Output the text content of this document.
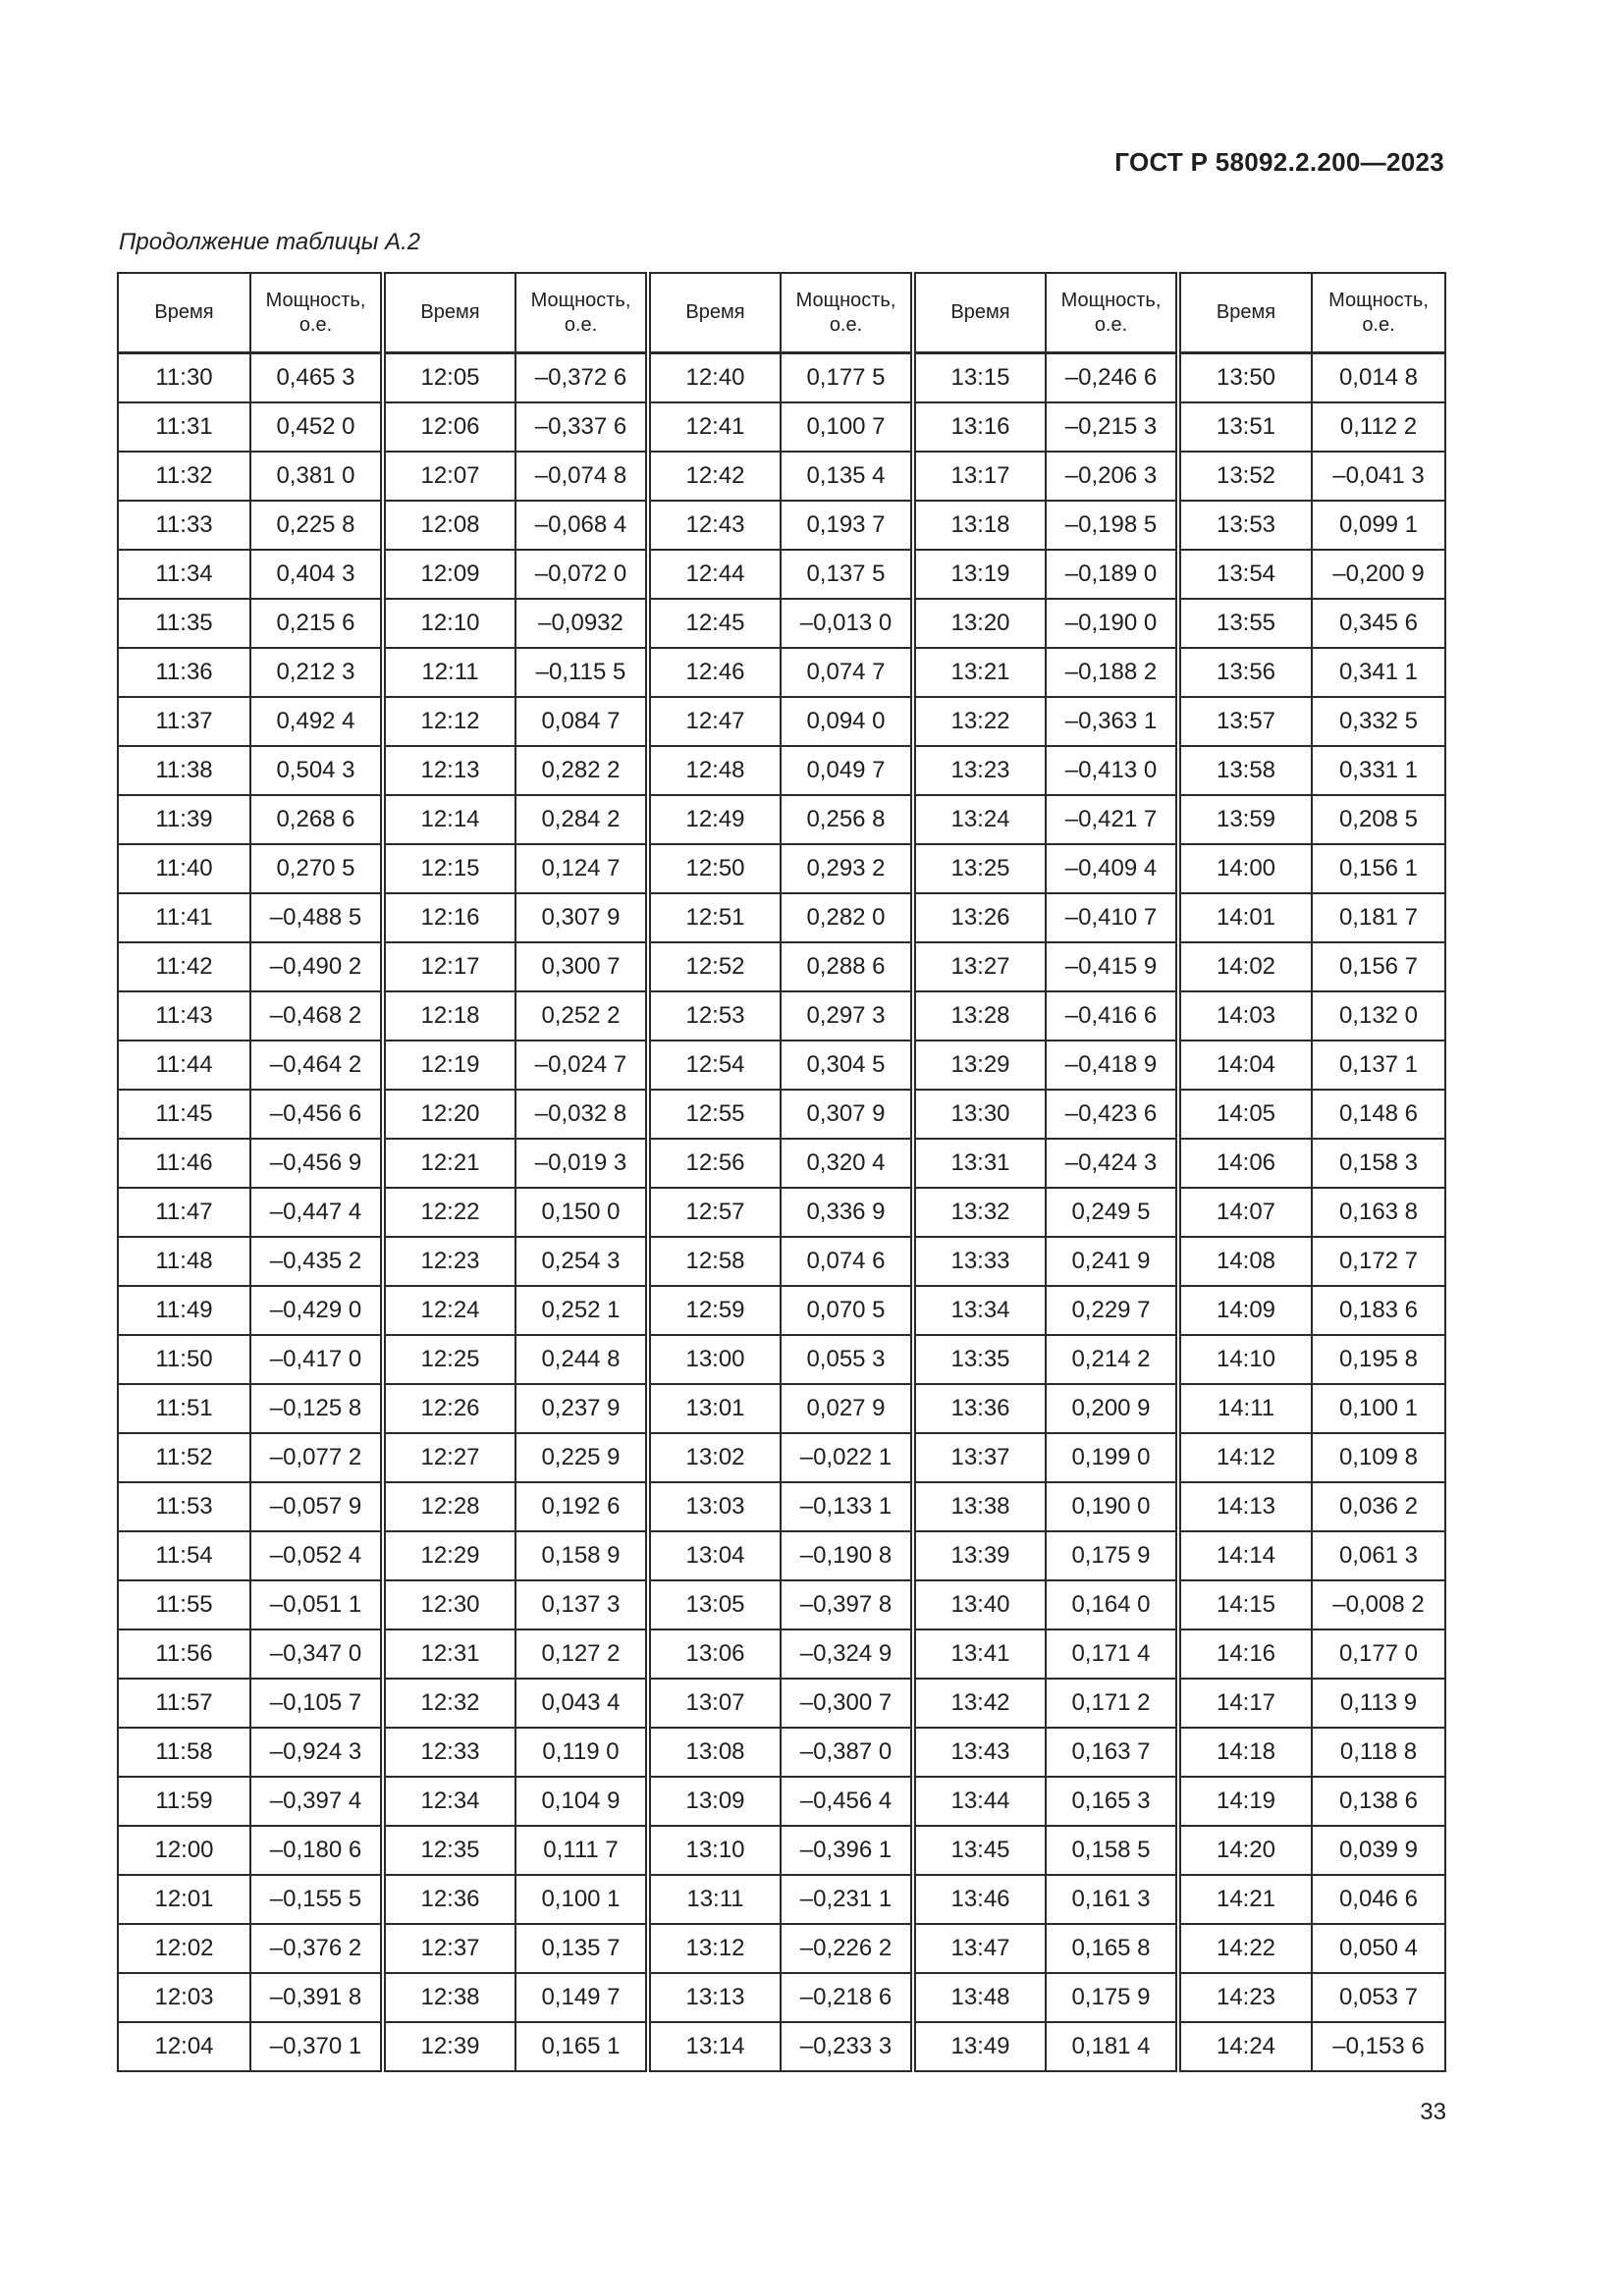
ГОСТ Р 58092.2.200—2023
Продолжение таблицы А.2
Время	Мощность, о.е.	Время	Мощность, о.е.	Время	Мощность, о.е.	Время	Мощность, о.е.	Время	Мощность, о.е.
11:30	0,465 3	12:05	–0,372 6	12:40	0,177 5	13:15	–0,246 6	13:50	0,014 8
11:31	0,452 0	12:06	–0,337 6	12:41	0,100 7	13:16	–0,215 3	13:51	0,112 2
11:32	0,381 0	12:07	–0,074 8	12:42	0,135 4	13:17	–0,206 3	13:52	–0,041 3
11:33	0,225 8	12:08	–0,068 4	12:43	0,193 7	13:18	–0,198 5	13:53	0,099 1
11:34	0,404 3	12:09	–0,072 0	12:44	0,137 5	13:19	–0,189 0	13:54	–0,200 9
11:35	0,215 6	12:10	–0,0932	12:45	–0,013 0	13:20	–0,190 0	13:55	0,345 6
11:36	0,212 3	12:11	–0,115 5	12:46	0,074 7	13:21	–0,188 2	13:56	0,341 1
11:37	0,492 4	12:12	0,084 7	12:47	0,094 0	13:22	–0,363 1	13:57	0,332 5
11:38	0,504 3	12:13	0,282 2	12:48	0,049 7	13:23	–0,413 0	13:58	0,331 1
11:39	0,268 6	12:14	0,284 2	12:49	0,256 8	13:24	–0,421 7	13:59	0,208 5
11:40	0,270 5	12:15	0,124 7	12:50	0,293 2	13:25	–0,409 4	14:00	0,156 1
11:41	–0,488 5	12:16	0,307 9	12:51	0,282 0	13:26	–0,410 7	14:01	0,181 7
11:42	–0,490 2	12:17	0,300 7	12:52	0,288 6	13:27	–0,415 9	14:02	0,156 7
11:43	–0,468 2	12:18	0,252 2	12:53	0,297 3	13:28	–0,416 6	14:03	0,132 0
11:44	–0,464 2	12:19	–0,024 7	12:54	0,304 5	13:29	–0,418 9	14:04	0,137 1
11:45	–0,456 6	12:20	–0,032 8	12:55	0,307 9	13:30	–0,423 6	14:05	0,148 6
11:46	–0,456 9	12:21	–0,019 3	12:56	0,320 4	13:31	–0,424 3	14:06	0,158 3
11:47	–0,447 4	12:22	0,150 0	12:57	0,336 9	13:32	0,249 5	14:07	0,163 8
11:48	–0,435 2	12:23	0,254 3	12:58	0,074 6	13:33	0,241 9	14:08	0,172 7
11:49	–0,429 0	12:24	0,252 1	12:59	0,070 5	13:34	0,229 7	14:09	0,183 6
11:50	–0,417 0	12:25	0,244 8	13:00	0,055 3	13:35	0,214 2	14:10	0,195 8
11:51	–0,125 8	12:26	0,237 9	13:01	0,027 9	13:36	0,200 9	14:11	0,100 1
11:52	–0,077 2	12:27	0,225 9	13:02	–0,022 1	13:37	0,199 0	14:12	0,109 8
11:53	–0,057 9	12:28	0,192 6	13:03	–0,133 1	13:38	0,190 0	14:13	0,036 2
11:54	–0,052 4	12:29	0,158 9	13:04	–0,190 8	13:39	0,175 9	14:14	0,061 3
11:55	–0,051 1	12:30	0,137 3	13:05	–0,397 8	13:40	0,164 0	14:15	–0,008 2
11:56	–0,347 0	12:31	0,127 2	13:06	–0,324 9	13:41	0,171 4	14:16	0,177 0
11:57	–0,105 7	12:32	0,043 4	13:07	–0,300 7	13:42	0,171 2	14:17	0,113 9
11:58	–0,924 3	12:33	0,119 0	13:08	–0,387 0	13:43	0,163 7	14:18	0,118 8
11:59	–0,397 4	12:34	0,104 9	13:09	–0,456 4	13:44	0,165 3	14:19	0,138 6
12:00	–0,180 6	12:35	0,111 7	13:10	–0,396 1	13:45	0,158 5	14:20	0,039 9
12:01	–0,155 5	12:36	0,100 1	13:11	–0,231 1	13:46	0,161 3	14:21	0,046 6
12:02	–0,376 2	12:37	0,135 7	13:12	–0,226 2	13:47	0,165 8	14:22	0,050 4
12:03	–0,391 8	12:38	0,149 7	13:13	–0,218 6	13:48	0,175 9	14:23	0,053 7
12:04	–0,370 1	12:39	0,165 1	13:14	–0,233 3	13:49	0,181 4	14:24	–0,153 6
33
